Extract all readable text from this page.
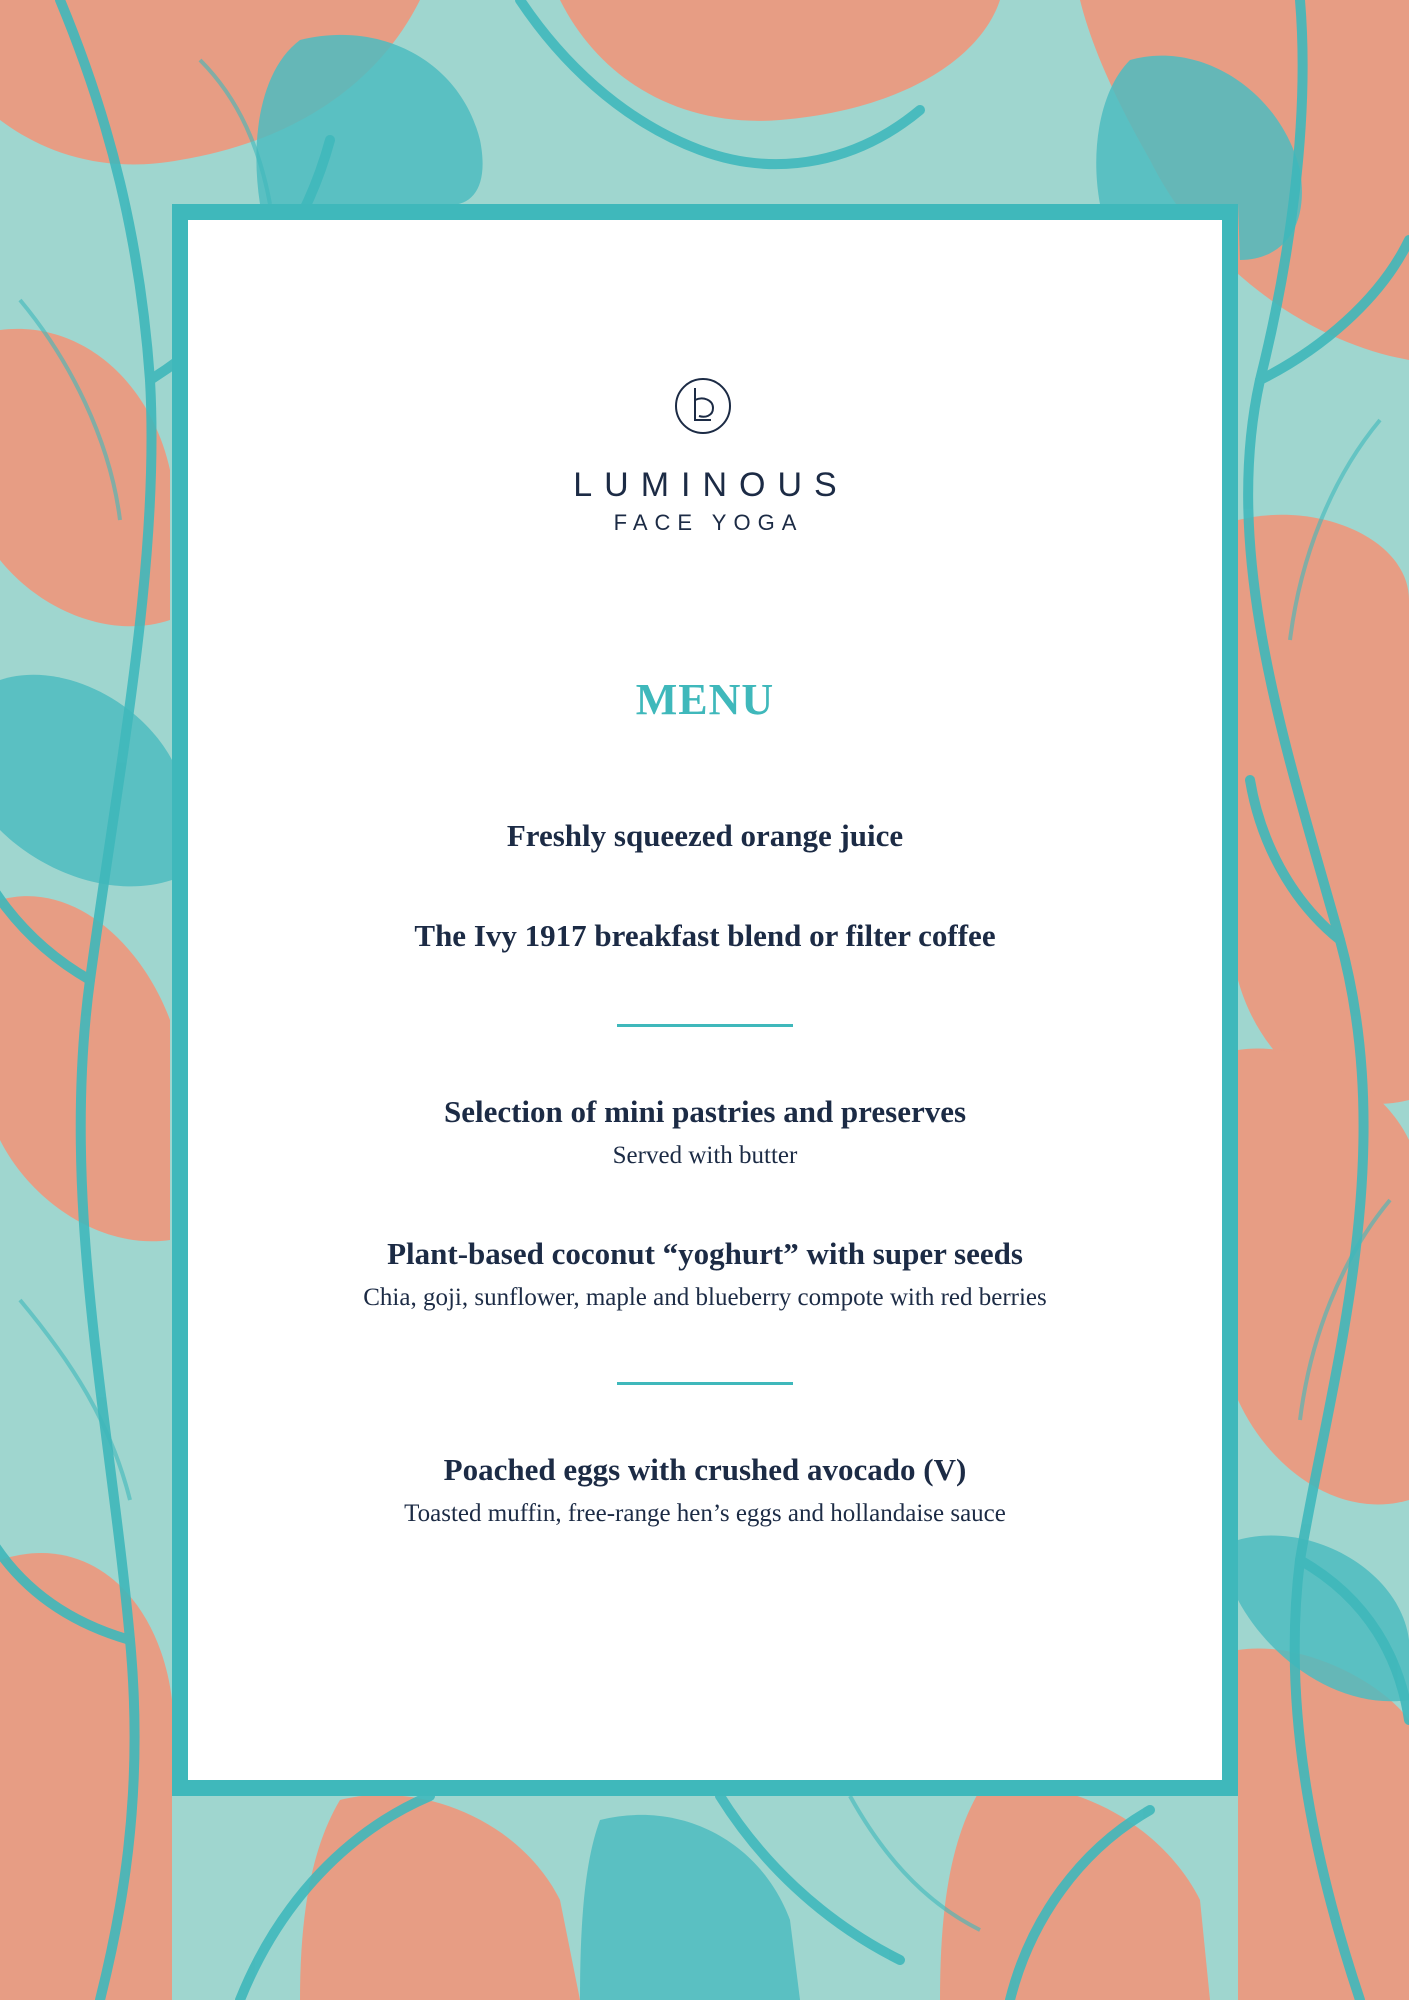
LUMINOUS
FACE YOGA
MENU
Freshly squeezed orange juice
The Ivy 1917 breakfast blend or filter coffee
Selection of mini pastries and preserves
Served with butter
Plant-based coconut “yoghurt” with super seeds
Chia, goji, sunflower, maple and blueberry compote with red berries
Poached eggs with crushed avocado (V)
Toasted muffin, free-range hen’s eggs and hollandaise sauce
